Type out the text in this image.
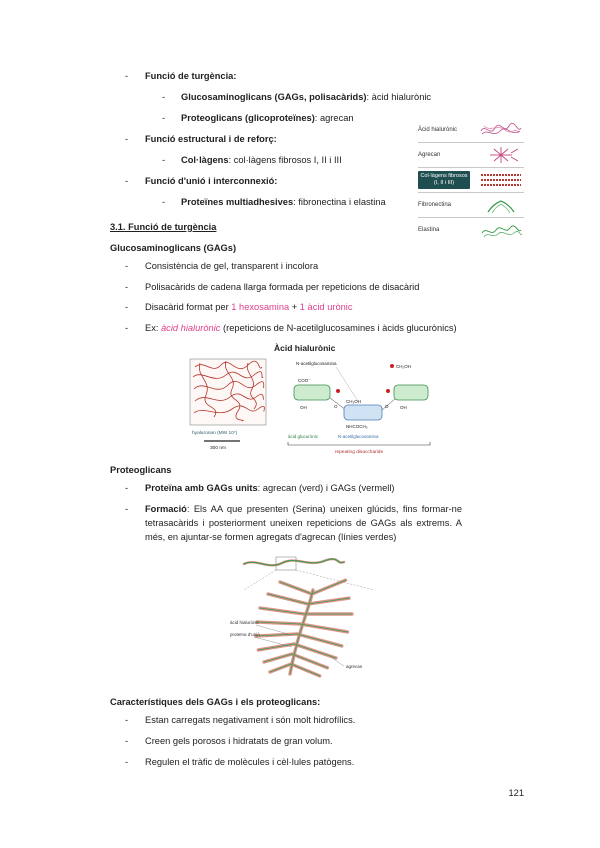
Àcid hialurònic
Agrecan
Col·làgens fibrosos (I, II i III)
Fibronectina
Elastina
-	Funció de turgència:
-	Glucosaminoglicans (GAGs, polisacàrids): àcid hialurònic
-	Proteoglicans (glicoproteïnes): agrecan
-	Funció estructural i de reforç:
-	Col·làgens: col·làgens fibrosos I, II i III
-	Funció d'unió i interconnexió:
-	Proteïnes multiadhesives: fibronectina i elastina
3.1. Funció de turgència
Glucosaminoglicans (GAGs)
-	Consistència de gel, transparent i incolora
-	Polisacàrids de cadena llarga formada per repeticions de disacàrid
-	Disacàrid format per 1 hexosamina + 1 àcid urònic
-	Ex: àcid hialurònic (repeticions de N-acetilglucosamines i àcids glucurònics)
Àcid hialurònic
hyaluronan (MW 10⁷)
300 nm
N-acetilglucosamina
CH₂OH
COO⁻
O
CH₂OH
O
OH	OH
NHCOCH₃
àcid glucurònic	N-acetilglucosamina
repeating disaccharide
Proteoglicans
-	Proteïna amb GAGs units: agrecan (verd) i GAGs (vermell)
-	Formació: Els AA que presenten (Serina) uneixen glúcids, fins formar-ne tetrasacàrids i posteriorment uneixen repeticions de GAGs als extrems. A més, en ajuntar-se formen agregats d'agrecan (línies verdes)
àcid hialurònic
proteïna d'unió
agrecan
Característiques dels GAGs i els proteoglicans:
-	Estan carregats negativament i són molt hidrofílics.
-	Creen gels porosos i hidratats de gran volum.
-	Regulen el tràfic de molècules i cèl·lules patògens.
121
